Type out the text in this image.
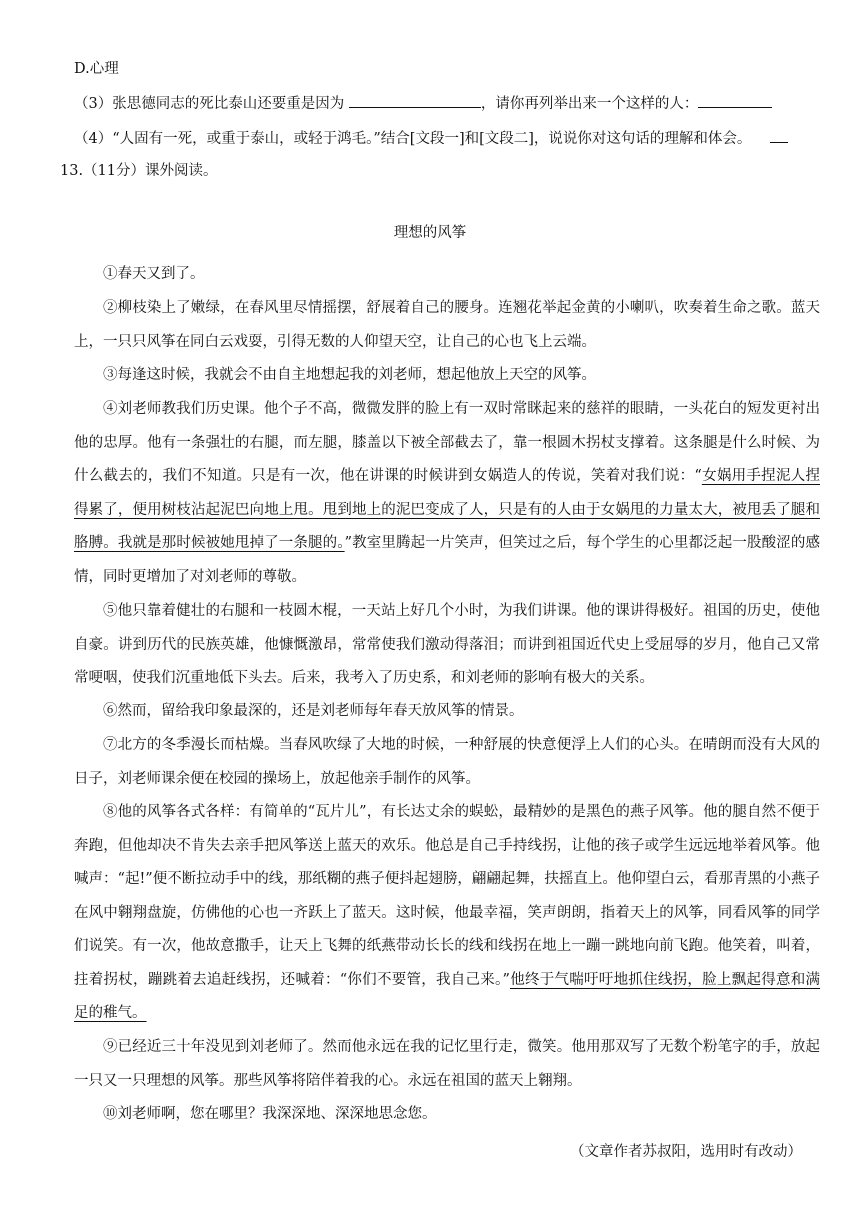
D.心理
（3）张思德同志的死比泰山还要重是因为	，请你再列举出来一个这样的人：
（4）“人固有一死，或重于泰山，或轻于鸿毛。”结合[文段一]和[文段二]，说说你对这句话的理解和体会。
13.（11分）课外阅读。
理想的风筝
①春天又到了。
②柳枝染上了嫩绿，在春风里尽情摇摆，舒展着自己的腰身。连翘花举起金黄的小喇叭，吹奏着生命之歌。蓝天上，一只只风筝在同白云戏耍，引得无数的人仰望天空，让自己的心也飞上云端。
③每逢这时候，我就会不由自主地想起我的刘老师，想起他放上天空的风筝。
④刘老师教我们历史课。他个子不高，微微发胖的脸上有一双时常眯起来的慈祥的眼睛，一头花白的短发更衬出他的忠厚。他有一条强壮的右腿，而左腿，膝盖以下被全部截去了，靠一根圆木拐杖支撑着。这条腿是什么时候、为什么截去的，我们不知道。只是有一次，他在讲课的时候讲到女娲造人的传说，笑着对我们说：“女娲用手捏泥人捏得累了，便用树枝沾起泥巴向地上甩。甩到地上的泥巴变成了人，只是有的人由于女娲甩的力量太大，被甩丢了腿和胳膊。我就是那时候被她甩掉了一条腿的。”教室里腾起一片笑声，但笑过之后，每个学生的心里都泛起一股酸涩的感情，同时更增加了对刘老师的尊敬。
⑤他只靠着健壮的右腿和一枝圆木棍，一天站上好几个小时，为我们讲课。他的课讲得极好。祖国的历史，使他自豪。讲到历代的民族英雄，他慷慨激昂，常常使我们激动得落泪；而讲到祖国近代史上受屈辱的岁月，他自己又常常哽咽，使我们沉重地低下头去。后来，我考入了历史系，和刘老师的影响有极大的关系。
⑥然而，留给我印象最深的，还是刘老师每年春天放风筝的情景。
⑦北方的冬季漫长而枯燥。当春风吹绿了大地的时候，一种舒展的快意便浮上人们的心头。在晴朗而没有大风的日子，刘老师课余便在校园的操场上，放起他亲手制作的风筝。
⑧他的风筝各式各样：有简单的“瓦片儿”，有长达丈余的蜈蚣，最精妙的是黑色的燕子风筝。他的腿自然不便于奔跑，但他却决不肯失去亲手把风筝送上蓝天的欢乐。他总是自己手持线拐，让他的孩子或学生远远地举着风筝。他喊声：“起!”便不断拉动手中的线，那纸糊的燕子便抖起翅膀，翩翩起舞，扶摇直上。他仰望白云，看那青黑的小燕子在风中翱翔盘旋，仿佛他的心也一齐跃上了蓝天。这时候，他最幸福，笑声朗朗，指着天上的风筝，同看风筝的同学们说笑。有一次，他故意撒手，让天上飞舞的纸燕带动长长的线和线拐在地上一蹦一跳地向前飞跑。他笑着，叫着，拄着拐杖，蹦跳着去追赶线拐，还喊着：“你们不要管，我自己来。”他终于气喘吁吁地抓住线拐，脸上飘起得意和满足的稚气。
⑨已经近三十年没见到刘老师了。然而他永远在我的记忆里行走，微笑。他用那双写了无数个粉笔字的手，放起一只又一只理想的风筝。那些风筝将陪伴着我的心。永远在祖国的蓝天上翱翔。
⑩刘老师啊，您在哪里？我深深地、深深地思念您。
（文章作者苏叔阳，选用时有改动）
